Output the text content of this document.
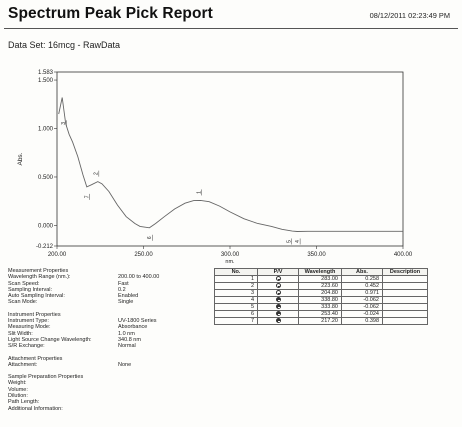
Spectrum Peak Pick Report	08/12/2011 02:23:49 PM
Data Set: 16mcg - RawData
-0.212
0.000
0.500
1.000
1.500
1.583
200.00	250.00	300.00	350.00	400.00
nm.
Abs.
1
2
3
4
5
6
7
Measurement Properties
Wavelength Range (nm.):	200.00 to 400.00
Scan Speed:	Fast
Sampling Interval:	0.2
Auto Sampling Interval:	Enabled
Scan Mode:	Single
Instrument Properties
Instrument Type:	UV-1800 Series
Measuring Mode:	Absorbance
Slit Width:	1.0 nm
Light Source Change Wavelength:	340.8 nm
S/R Exchange:	Normal
Attachment Properties
Attachment:	None
Sample Preparation Properties
Weight:
Volume:
Dilution:
Path Length:
Additional Information:
No.	P/V	Wavelength	Abs.	Description
1		283.00	0.258	
2		223.60	0.452	
3		204.80	0.971	
4		338.80	-0.062	
5		333.80	-0.062	
6		253.40	-0.024	
7		217.20	0.398	
